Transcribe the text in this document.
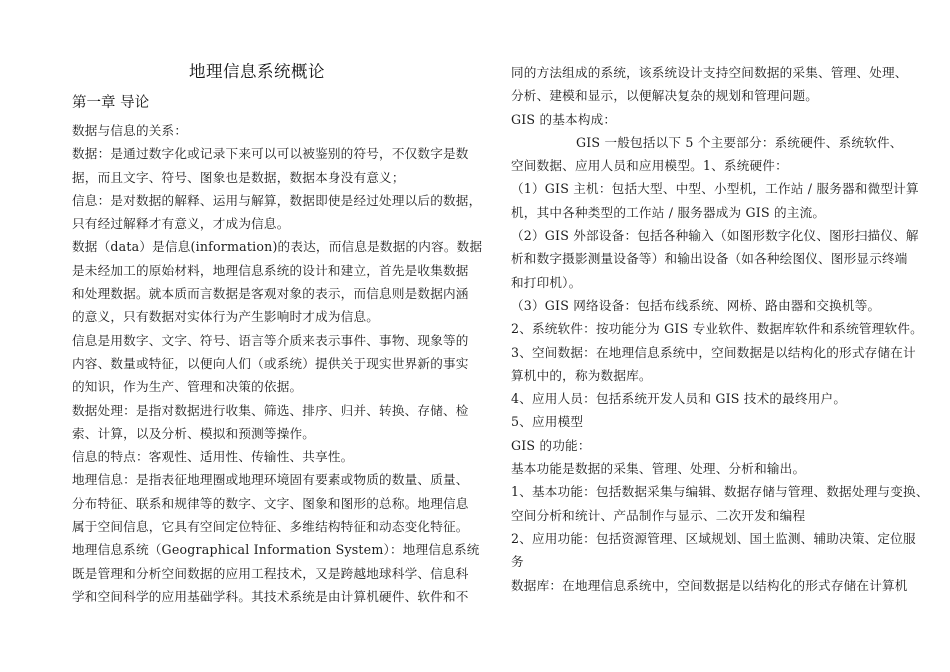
地理信息系统概论
第一章 导论
数据与信息的关系：
数据：是通过数字化或记录下来可以可以被鉴别的符号，不仅数字是数
据，而且文字、符号、图象也是数据，数据本身没有意义；
信息：是对数据的解释、运用与解算，数据即使是经过处理以后的数据，
只有经过解释才有意义，才成为信息。
数据（data）是信息(information)的表达，而信息是数据的内容。数据
是未经加工的原始材料，地理信息系统的设计和建立，首先是收集数据
和处理数据。就本质而言数据是客观对象的表示，而信息则是数据内涵
的意义，只有数据对实体行为产生影响时才成为信息。
信息是用数字、文字、符号、语言等介质来表示事件、事物、现象等的
内容、数量或特征，以便向人们（或系统）提供关于现实世界新的事实
的知识，作为生产、管理和决策的依据。
数据处理：是指对数据进行收集、筛选、排序、归并、转换、存储、检
索、计算，以及分析、模拟和预测等操作。
信息的特点：客观性、适用性、传输性、共享性。
地理信息：是指表征地理圈或地理环境固有要素或物质的数量、质量、
分布特征、联系和规律等的数字、文字、图象和图形的总称。地理信息
属于空间信息，它具有空间定位特征、多维结构特征和动态变化特征。
地理信息系统（Geographical Information System）：地理信息系统
既是管理和分析空间数据的应用工程技术，又是跨越地球科学、信息科
学和空间科学的应用基础学科。其技术系统是由计算机硬件、软件和不
同的方法组成的系统，该系统设计支持空间数据的采集、管理、处理、
分析、建模和显示，以便解决复杂的规划和管理问题。
GIS 的基本构成：
GIS 一般包括以下 5 个主要部分：系统硬件、系统软件、
空间数据、应用人员和应用模型。1、系统硬件：
（1）GIS 主机：包括大型、中型、小型机，工作站 / 服务器和微型计算
机，其中各种类型的工作站 / 服务器成为 GIS 的主流。
（2）GIS 外部设备：包括各种输入（如图形数字化仪、图形扫描仪、解
析和数字摄影测量设备等）和输出设备（如各种绘图仪、图形显示终端
和打印机）。
（3）GIS 网络设备：包括布线系统、网桥、路由器和交换机等。
2、系统软件：按功能分为 GIS 专业软件、数据库软件和系统管理软件。
3、空间数据：在地理信息系统中，空间数据是以结构化的形式存储在计
算机中的，称为数据库。
4、应用人员：包括系统开发人员和 GIS 技术的最终用户。
5、应用模型
GIS 的功能：
基本功能是数据的采集、管理、处理、分析和输出。
1、基本功能：包括数据采集与编辑、数据存储与管理、数据处理与变换、
空间分析和统计、产品制作与显示、二次开发和编程
2、应用功能：包括资源管理、区域规划、国土监测、辅助决策、定位服
务
数据库：在地理信息系统中，空间数据是以结构化的形式存储在计算机
